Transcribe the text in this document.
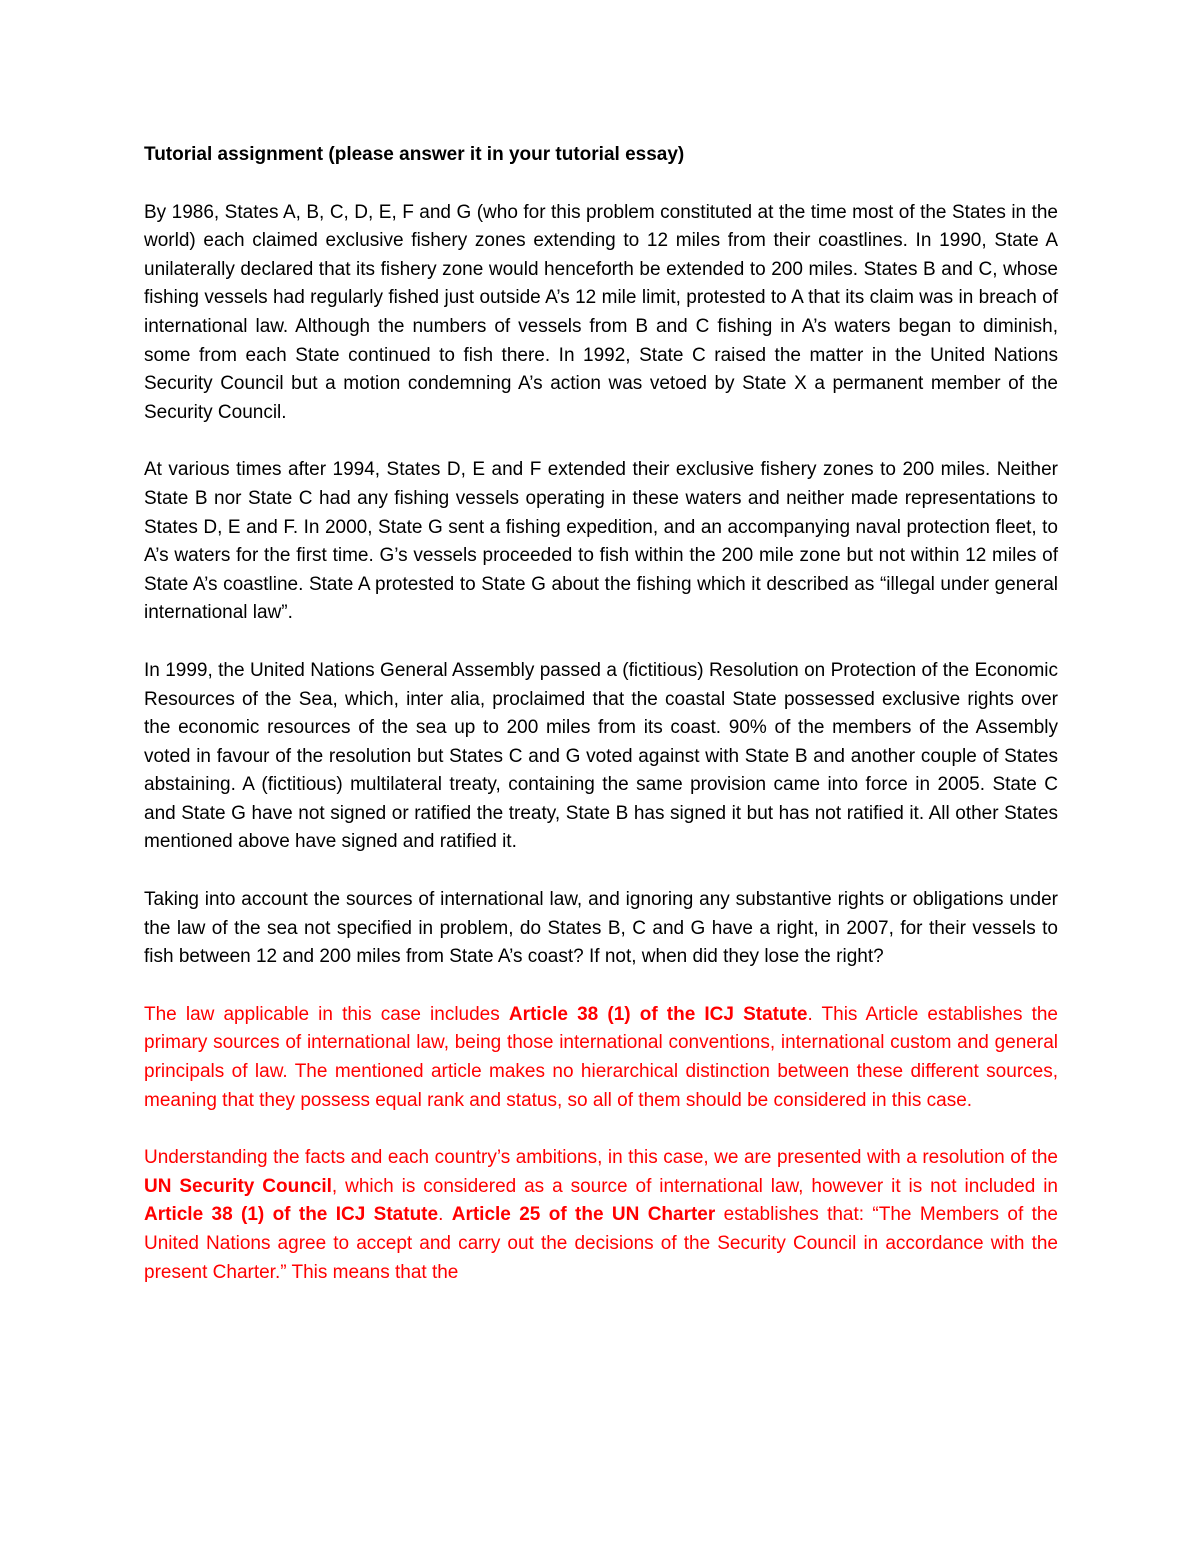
Tutorial assignment (please answer it in your tutorial essay)

By 1986, States A, B, C, D, E, F and G (who for this problem constituted at the time most of the States in the world) each claimed exclusive fishery zones extending to 12 miles from their coastlines. In 1990, State A unilaterally declared that its fishery zone would henceforth be extended to 200 miles. States B and C, whose fishing vessels had regularly fished just outside A’s 12 mile limit, protested to A that its claim was in breach of international law. Although the numbers of vessels from B and C fishing in A’s waters began to diminish, some from each State continued to fish there. In 1992, State C raised the matter in the United Nations Security Council but a motion condemning A’s action was vetoed by State X a permanent member of the Security Council.

At various times after 1994, States D, E and F extended their exclusive fishery zones to 200 miles. Neither State B nor State C had any fishing vessels operating in these waters and neither made representations to States D, E and F. In 2000, State G sent a fishing expedition, and an accompanying naval protection fleet, to A’s waters for the first time. G’s vessels proceeded to fish within the 200 mile zone but not within 12 miles of State A’s coastline. State A protested to State G about the fishing which it described as “illegal under general international law”.

In 1999, the United Nations General Assembly passed a (fictitious) Resolution on Protection of the Economic Resources of the Sea, which, inter alia, proclaimed that the coastal State possessed exclusive rights over the economic resources of the sea up to 200 miles from its coast. 90% of the members of the Assembly voted in favour of the resolution but States C and G voted against with State B and another couple of States abstaining. A (fictitious) multilateral treaty, containing the same provision came into force in 2005. State C and State G have not signed or ratified the treaty, State B has signed it but has not ratified it. All other States mentioned above have signed and ratified it.

Taking into account the sources of international law, and ignoring any substantive rights or obligations under the law of the sea not specified in problem, do States B, C and G have a right, in 2007, for their vessels to fish between 12 and 200 miles from State A’s coast? If not, when did they lose the right?

The law applicable in this case includes Article 38 (1) of the ICJ Statute. This Article establishes the primary sources of international law, being those international conventions, international custom and general principals of law. The mentioned article makes no hierarchical distinction between these different sources, meaning that they possess equal rank and status, so all of them should be considered in this case.

Understanding the facts and each country’s ambitions, in this case, we are presented with a resolution of the UN Security Council, which is considered as a source of international law, however it is not included in Article 38 (1) of the ICJ Statute. Article 25 of the UN Charter establishes that: “The Members of the United Nations agree to accept and carry out the decisions of the Security Council in accordance with the present Charter.” This means that the
